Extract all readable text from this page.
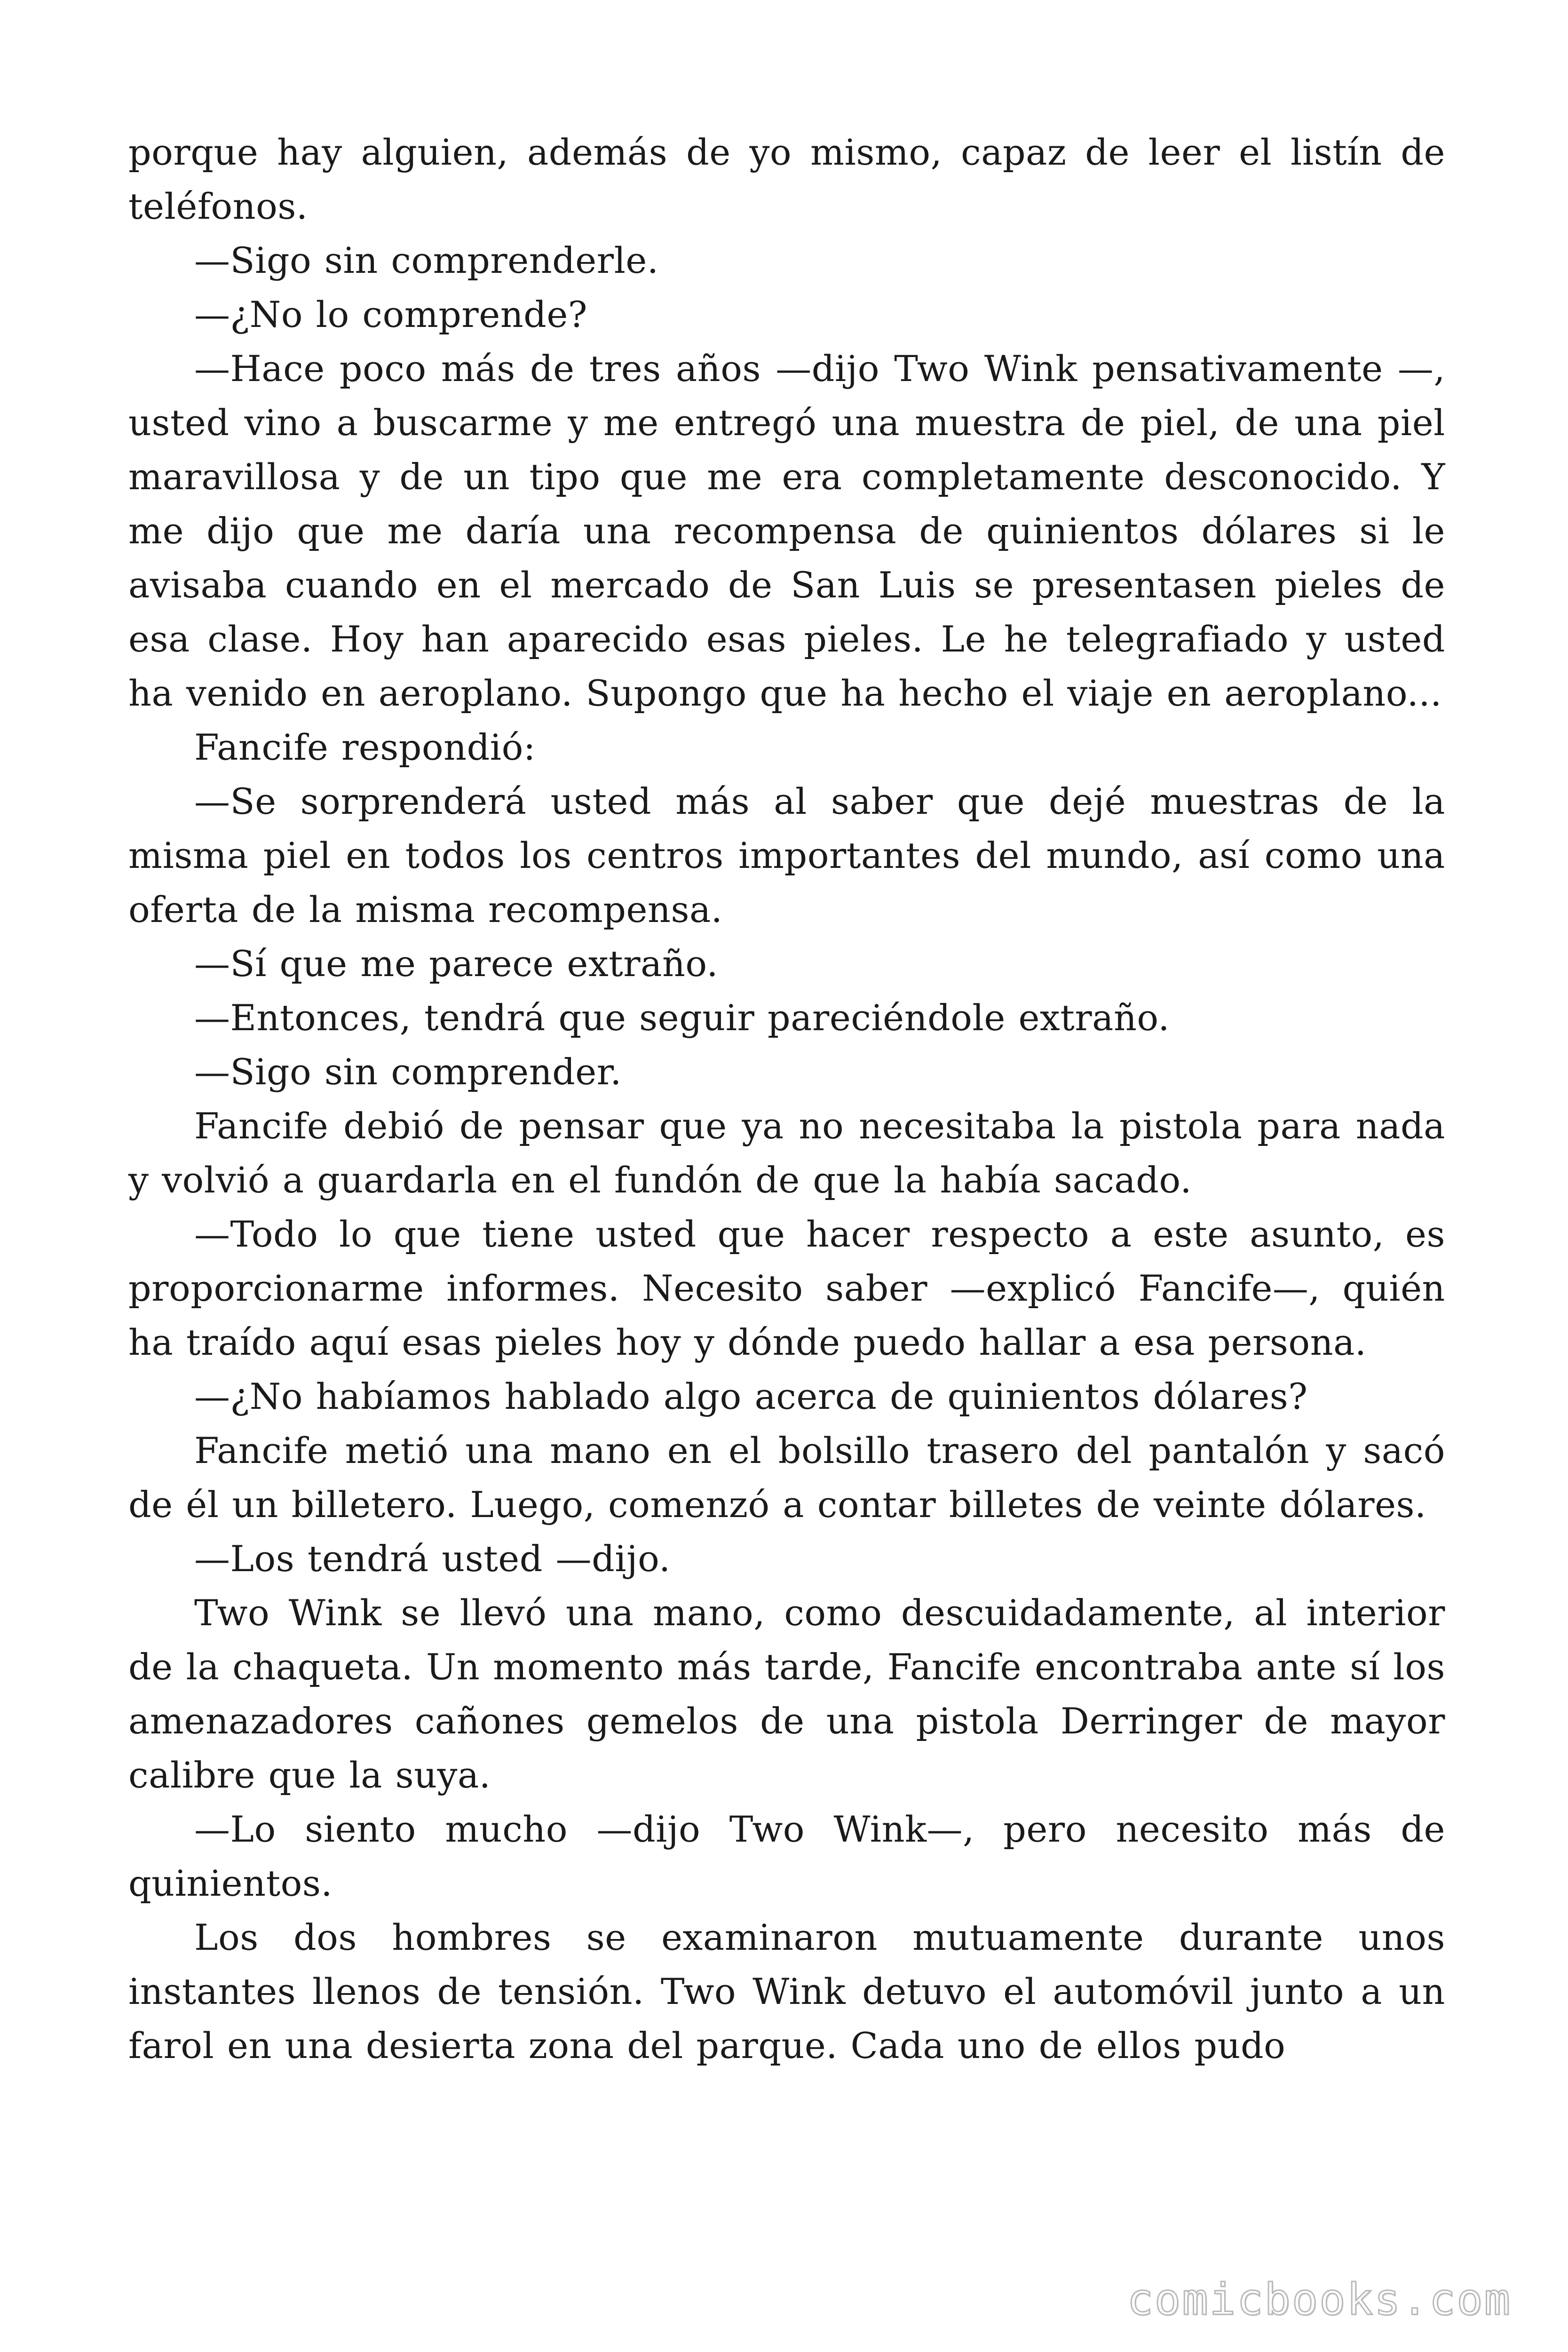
porque hay alguien, además de yo mismo, capaz de leer el listín de teléfonos.

—Sigo sin comprenderle.

—¿No lo comprende?

—Hace poco más de tres años —dijo Two Wink pensativamente —, usted vino a buscarme y me entregó una muestra de piel, de una piel maravillosa y de un tipo que me era completamente desconocido. Y me dijo que me daría una recompensa de quinientos dólares si le avisaba cuando en el mercado de San Luis se presentasen pieles de esa clase. Hoy han aparecido esas pieles. Le he telegrafiado y usted ha venido en aeroplano. Supongo que ha hecho el viaje en aeroplano...

Fancife respondió:

—Se sorprenderá usted más al saber que dejé muestras de la misma piel en todos los centros importantes del mundo, así como una oferta de la misma recompensa.

—Sí que me parece extraño.

—Entonces, tendrá que seguir pareciéndole extraño.

—Sigo sin comprender.

Fancife debió de pensar que ya no necesitaba la pistola para nada y volvió a guardarla en el fundón de que la había sacado.

—Todo lo que tiene usted que hacer respecto a este asunto, es proporcionarme informes. Necesito saber —explicó Fancife—, quién ha traído aquí esas pieles hoy y dónde puedo hallar a esa persona.

—¿No habíamos hablado algo acerca de quinientos dólares?

Fancife metió una mano en el bolsillo trasero del pantalón y sacó de él un billetero. Luego, comenzó a contar billetes de veinte dólares.

—Los tendrá usted —dijo.

Two Wink se llevó una mano, como descuidadamente, al interior de la chaqueta. Un momento más tarde, Fancife encontraba ante sí los amenazadores cañones gemelos de una pistola Derringer de mayor calibre que la suya.

—Lo siento mucho —dijo Two Wink—, pero necesito más de quinientos.

Los dos hombres se examinaron mutuamente durante unos instantes llenos de tensión. Two Wink detuvo el automóvil junto a un farol en una desierta zona del parque. Cada uno de ellos pudo

comicbooks.com
